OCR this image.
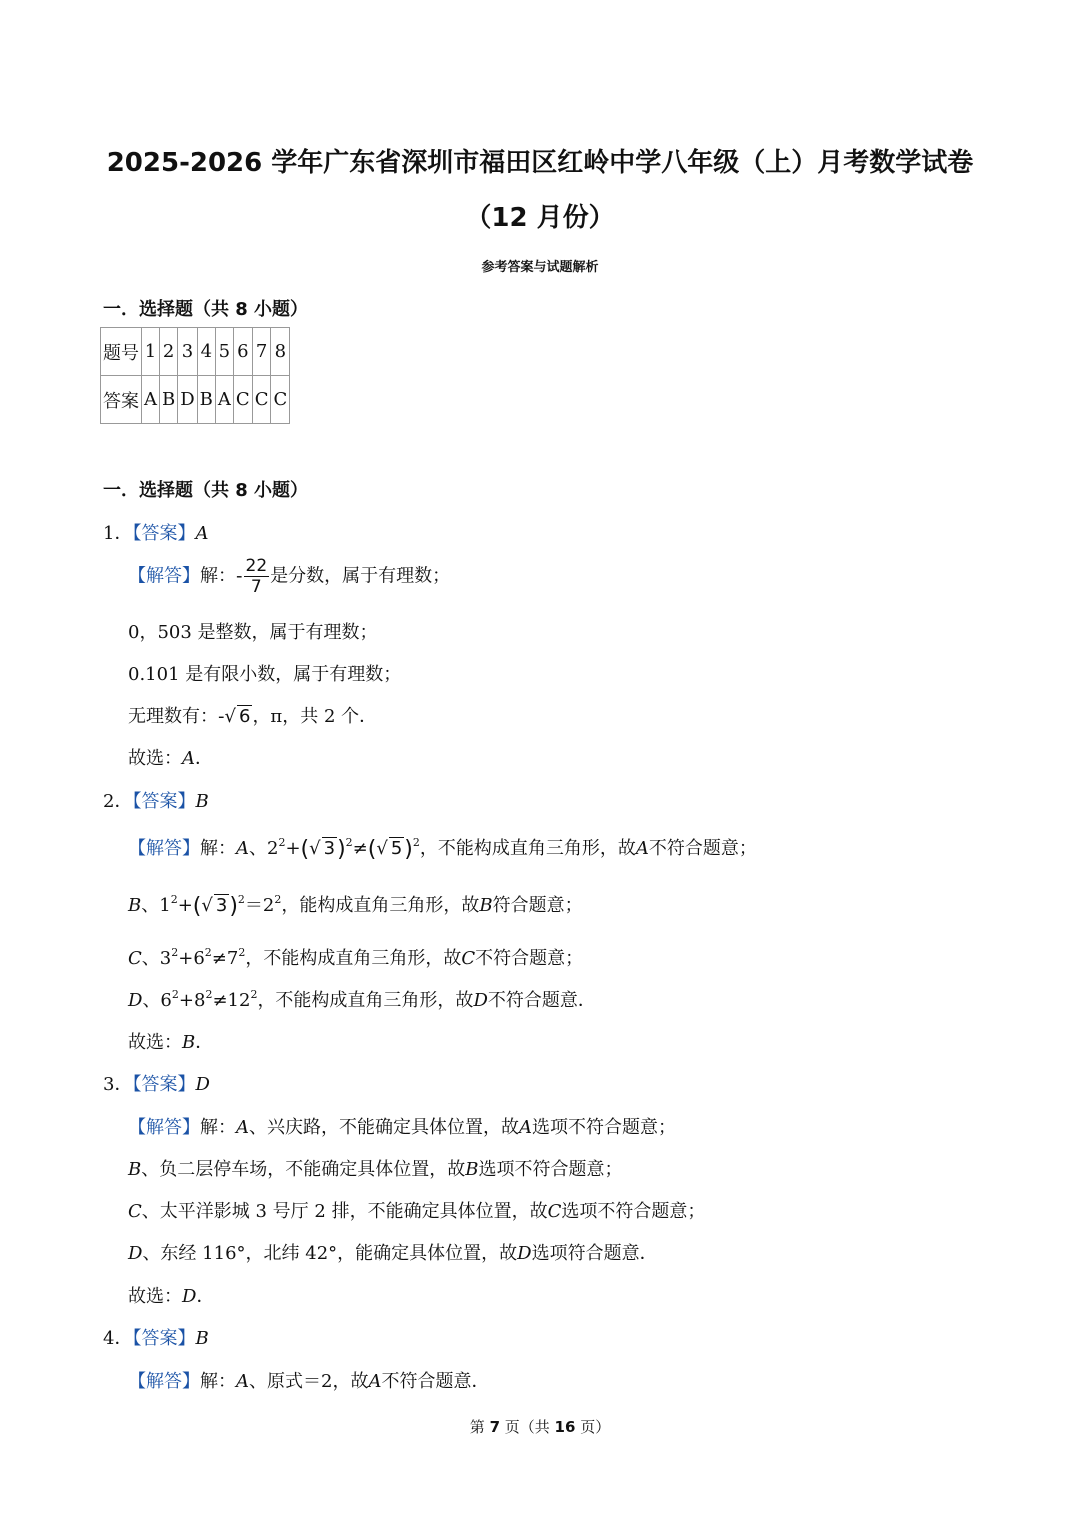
2025-2026 学年广东省深圳市福田区红岭中学八年级（上）月考数学试卷
（12 月份）
参考答案与试题解析
一．选择题（共 8 小题）
题号	1	2	3	4	5	6	7	8
答案	A	B	D	B	A	C	C	C
一．选择题（共 8 小题）
1．【答案】A
【解答】解：- $\frac{22}{7}$ 是分数，属于有理数；
0，503 是整数，属于有理数；
0.101 是有限小数，属于有理数；
无理数有：-√ 6 ，π，共 2 个．
故选：A．
2．【答案】B
【解答】解：A、$2^2+(√$ 3)$^2$≠(√ 5)$^2$，不能构成直角三角形，故A不符合题意；
B、$1^2+(√$ $3)^2=2^2$，能构成直角三角形，故B符合题意；
C、$3^2+6^2\ne 7^2$，不能构成直角三角形，故C不符合题意；
D、$6^2+8^2\ne 12^2$，不能构成直角三角形，故D不符合题意．
故选：B．
3．【答案】D
【解答】解：A、兴庆路，不能确定具体位置，故A选项不符合题意；
B、负二层停车场，不能确定具体位置，故B选项不符合题意；
C、太平洋影城 3 号厅 2 排，不能确定具体位置，故C选项不符合题意；
D、东经 116°，北纬 42°，能确定具体位置，故D选项符合题意．
故选：D．
4．【答案】B
【解答】解：A、原式＝2，故A不符合题意．
第 7 页（共 16 页）
